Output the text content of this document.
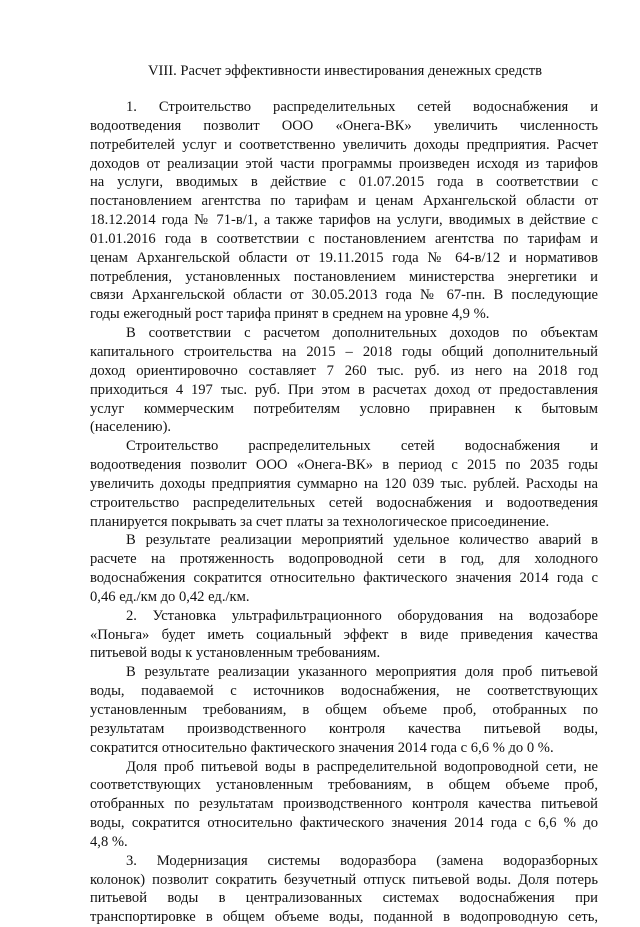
VIII. Расчет эффективности инвестирования денежных средств
1. Строительство распределительных сетей водоснабжения и
водоотведения позволит ООО «Онега-ВК» увеличить численность
потребителей услуг и соответственно увеличить доходы предприятия. Расчет
доходов от реализации этой части программы произведен исходя из тарифов
на услуги, вводимых в действие с 01.07.2015 года в соответствии с
постановлением агентства по тарифам и ценам Архангельской области от
18.12.2014 года № 71-в/1, а также тарифов на услуги, вводимых в действие с
01.01.2016 года в соответствии с постановлением агентства по тарифам и
ценам Архангельской области от 19.11.2015 года № 64-в/12 и нормативов
потребления, установленных постановлением министерства энергетики и
связи Архангельской области от 30.05.2013 года № 67-пн. В последующие
годы ежегодный рост тарифа принят в среднем на уровне 4,9 %.
В соответствии с расчетом дополнительных доходов по объектам
капитального строительства на 2015 – 2018 годы общий дополнительный
доход ориентировочно составляет 7 260 тыс. руб. из него на 2018 год
приходиться 4 197 тыс. руб. При этом в расчетах доход от предоставления
услуг коммерческим потребителям условно приравнен к бытовым
(населению).
Строительство распределительных сетей водоснабжения и
водоотведения позволит ООО «Онега-ВК» в период с 2015 по 2035 годы
увеличить доходы предприятия суммарно на 120 039 тыс. рублей. Расходы на
строительство распределительных сетей водоснабжения и водоотведения
планируется покрывать за счет платы за технологическое присоединение.
В результате реализации мероприятий удельное количество аварий в
расчете на протяженность водопроводной сети в год, для холодного
водоснабжения сократится относительно фактического значения 2014 года с
0,46 ед./км до 0,42 ед./км.
2. Установка ультрафильтрационного оборудования на водозаборе
«Поньга» будет иметь социальный эффект в виде приведения качества
питьевой воды к установленным требованиям.
В результате реализации указанного мероприятия доля проб питьевой
воды, подаваемой с источников водоснабжения, не соответствующих
установленным требованиям, в общем объеме проб, отобранных по
результатам производственного контроля качества питьевой воды,
сократится относительно фактического значения 2014 года с 6,6 % до 0 %.
Доля проб питьевой воды в распределительной водопроводной сети, не
соответствующих установленным требованиям, в общем объеме проб,
отобранных по результатам производственного контроля качества питьевой
воды, сократится относительно фактического значения 2014 года с 6,6 % до
4,8 %.
3. Модернизация системы водоразбора (замена водоразборных
колонок) позволит сократить безучетный отпуск питьевой воды. Доля потерь
питьевой воды в централизованных системах водоснабжения при
транспортировке в общем объеме воды, поданной в водопроводную сеть,
